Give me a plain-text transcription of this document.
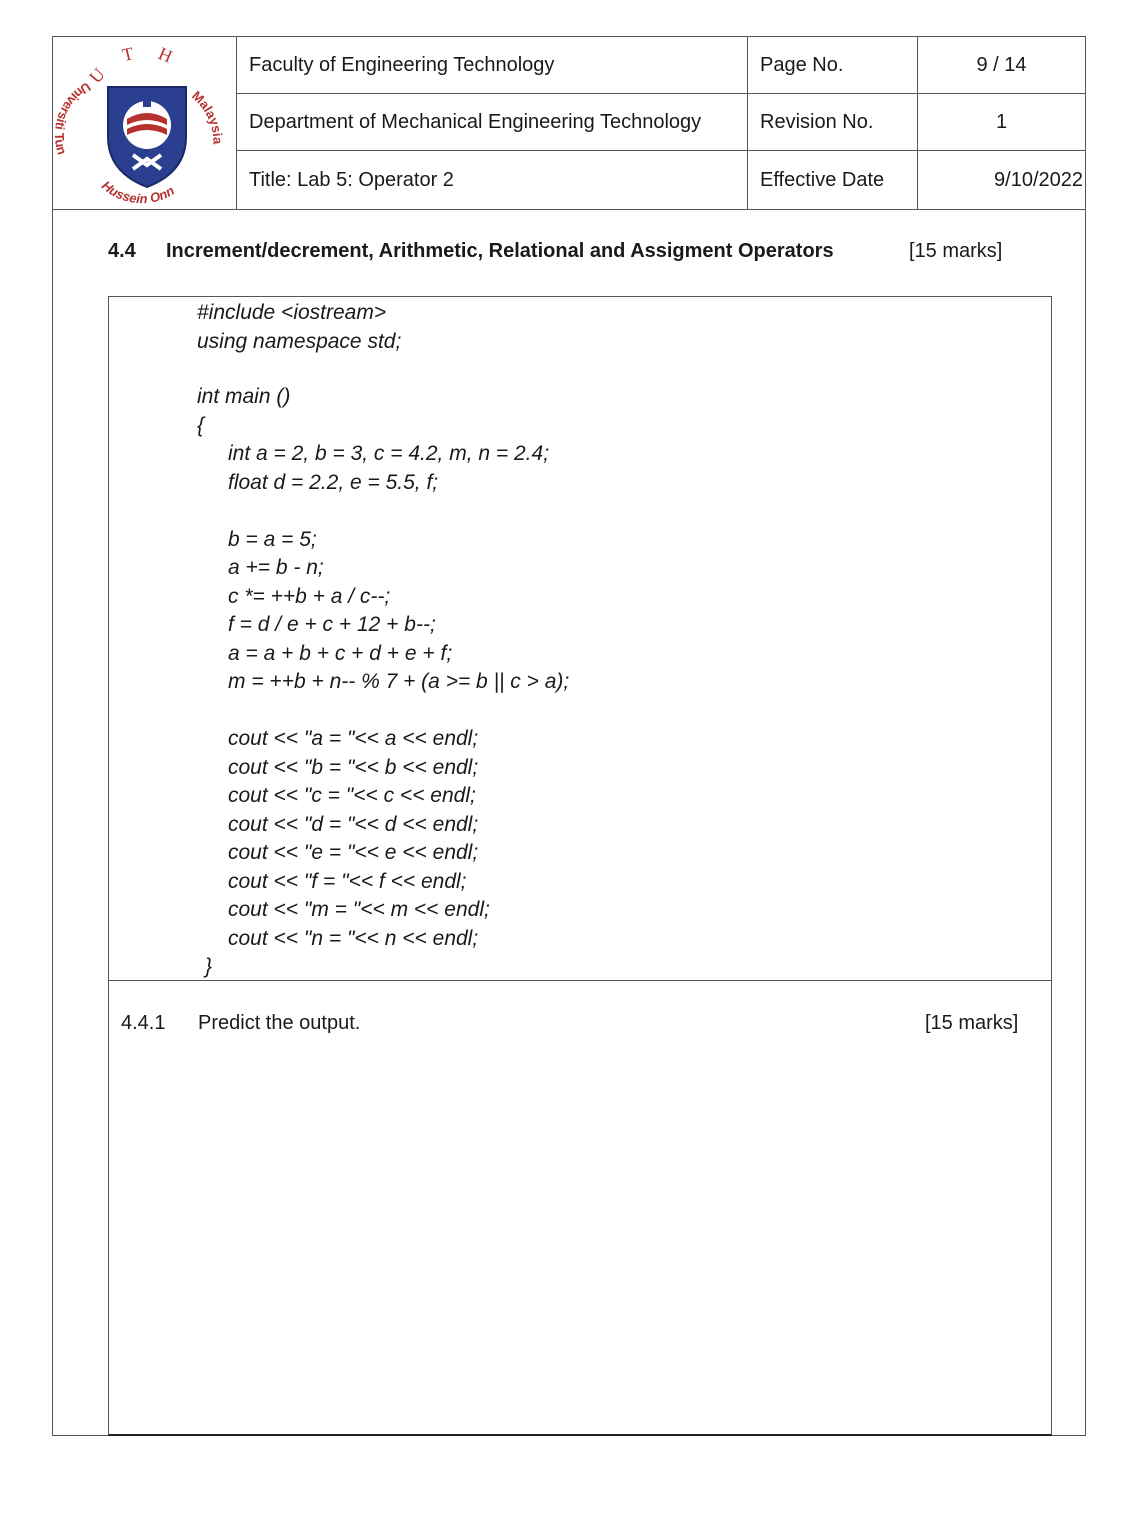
U T H
Universiti Tun
Hussein Onn
Malaysia
Faculty of Engineering Technology	Page No.	9 / 14
Department of Mechanical Engineering Technology	Revision No.	1
Title: Lab 5: Operator 2	Effective Date	9/10/2022
4.4	Increment/decrement, Arithmetic, Relational and Assigment Operators	[15 marks]
#include <iostream>
using namespace std;
int main ()
{
int a = 2, b = 3, c = 4.2, m, n = 2.4;
float d = 2.2, e = 5.5, f;
b = a = 5;
a += b - n;
c *= ++b + a / c--;
f = d / e + c + 12 + b--;
a = a + b + c + d + e + f;
m = ++b + n-- % 7 + (a >= b || c > a);
cout << "a = "<< a << endl;
cout << "b = "<< b << endl;
cout << "c = "<< c << endl;
cout << "d = "<< d << endl;
cout << "e = "<< e << endl;
cout << "f = "<< f << endl;
cout << "m = "<< m << endl;
cout << "n = "<< n << endl;
}
4.4.1 Predict the output.	[15 marks]
